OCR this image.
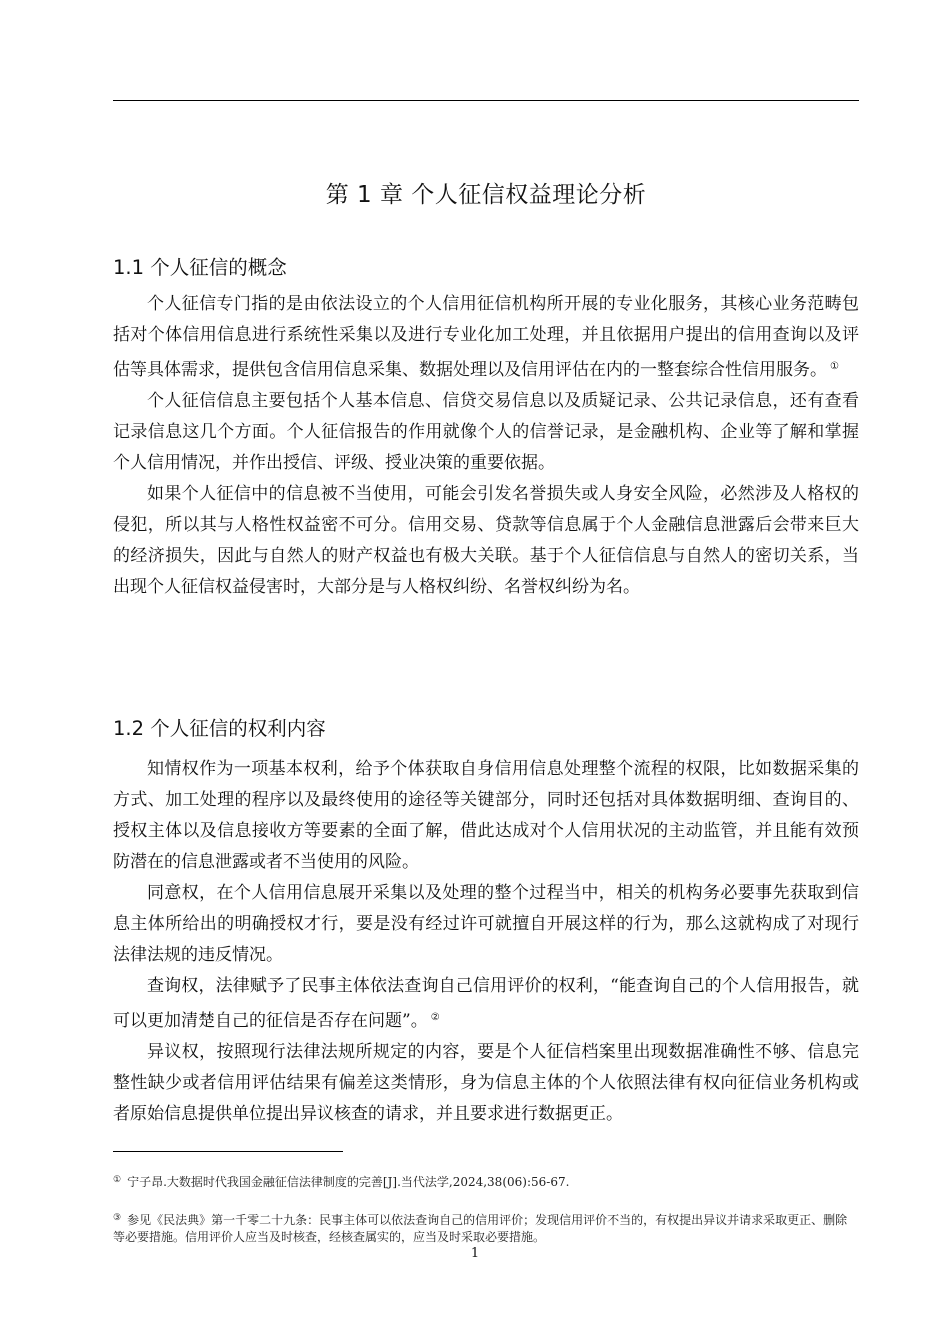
第 1 章 个人征信权益理论分析
1.1 个人征信的概念

个人征信专门指的是由依法设立的个人信用征信机构所开展的专业化服务，其核心业务范畴包括对个体信用信息进行系统性采集以及进行专业化加工处理，并且依据用户提出的信用查询以及评估等具体需求，提供包含信用信息采集、数据处理以及信用评估在内的一整套综合性信用服务。 ①

个人征信信息主要包括个人基本信息、信贷交易信息以及质疑记录、公共记录信息，还有查看记录信息这几个方面。个人征信报告的作用就像个人的信誉记录，是金融机构、企业等了解和掌握个人信用情况，并作出授信、评级、授业决策的重要依据。

如果个人征信中的信息被不当使用，可能会引发名誉损失或人身安全风险，必然涉及人格权的侵犯，所以其与人格性权益密不可分。信用交易、贷款等信息属于个人金融信息泄露后会带来巨大的经济损失，因此与自然人的财产权益也有极大关联。基于个人征信信息与自然人的密切关系，当出现个人征信权益侵害时，大部分是与人格权纠纷、名誉权纠纷为名。

1.2 个人征信的权利内容

知情权作为一项基本权利，给予个体获取自身信用信息处理整个流程的权限，比如数据采集的方式、加工处理的程序以及最终使用的途径等关键部分，同时还包括对具体数据明细、查询目的、授权主体以及信息接收方等要素的全面了解，借此达成对个人信用状况的主动监管，并且能有效预防潜在的信息泄露或者不当使用的风险。

同意权，在个人信用信息展开采集以及处理的整个过程当中，相关的机构务必要事先获取到信息主体所给出的明确授权才行，要是没有经过许可就擅自开展这样的行为，那么这就构成了对现行法律法规的违反情况。

查询权，法律赋予了民事主体依法查询自己信用评价的权利，“能查询自己的个人信用报告，就可以更加清楚自己的征信是否存在问题”。 ②

异议权，按照现行法律法规所规定的内容，要是个人征信档案里出现数据准确性不够、信息完整性缺少或者信用评估结果有偏差这类情形，身为信息主体的个人依照法律有权向征信业务机构或者原始信息提供单位提出异议核查的请求，并且要求进行数据更正。

① 宁子昂.大数据时代我国金融征信法律制度的完善[J].当代法学,2024,38(06):56-67.
③ 参见《民法典》第一千零二十九条：民事主体可以依法查询自己的信用评价；发现信用评价不当的，有权提出异议并请求采取更正、删除等必要措施。信用评价人应当及时核查，经核查属实的，应当及时采取必要措施。
1
